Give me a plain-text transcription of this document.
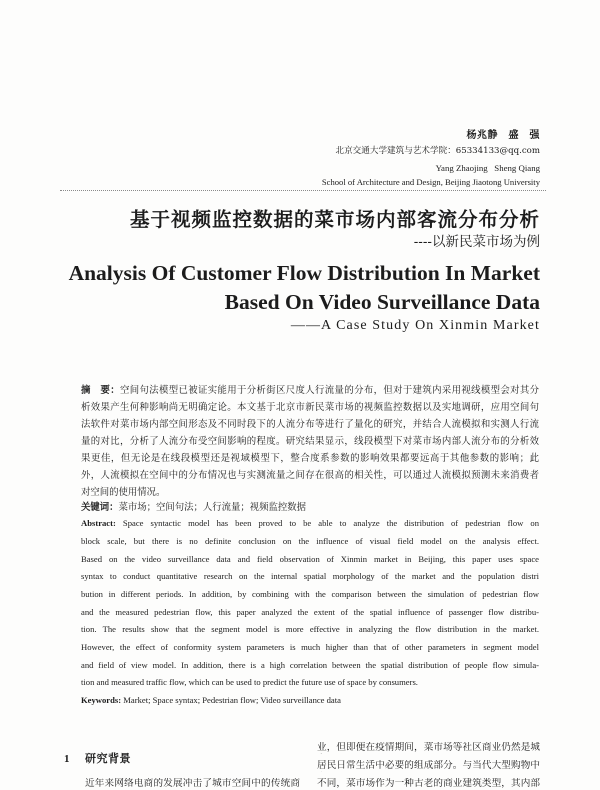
杨兆静　盛　强
北京交通大学建筑与艺术学院：65334133@qq.com
Yang Zhaojing   Sheng Qiang
School of Architecture and Design, Beijing Jiaotong University
基于视频监控数据的菜市场内部客流分布分析
----以新民菜市场为例
Analysis Of Customer Flow Distribution In Market
Based On Video Surveillance Data
——A Case Study On Xinmin Market
摘　要：空间句法模型已被证实能用于分析街区尺度人行流量的分布，但对于建筑内采用视线模型会对其分
析效果产生何种影响尚无明确定论。本文基于北京市新民菜市场的视频监控数据以及实地调研，应用空间句
法软件对菜市场内部空间形态及不同时段下的人流分布等进行了量化的研究，并结合人流模拟和实测人行流
量的对比，分析了人流分布受空间影响的程度。研究结果显示，线段模型下对菜市场内部人流分布的分析效
果更佳，但无论是在线段模型还是视域模型下，整合度系参数的影响效果都要远高于其他参数的影响；此
外，人流模拟在空间中的分布情况也与实测流量之间存在很高的相关性，可以通过人流模拟预测未来消费者
对空间的使用情况。
关键词：菜市场；空间句法；人行流量；视频监控数据
Abstract: Space syntactic model has been proved to be able to analyze the distribution of pedestrian flow on
block scale, but there is no definite conclusion on the influence of visual field model on the analysis effect.
Based on the video surveillance data and field observation of Xinmin market in Beijing, this paper uses space
syntax to conduct quantitative research on the internal spatial morphology of the market and the population distri
bution in different periods. In addition, by combining with the comparison between the simulation of pedestrian flow
and the measured pedestrian flow, this paper analyzed the extent of the spatial influence of passenger flow distribu-
tion. The results show that the segment model is more effective in analyzing the flow distribution in the market.
However, the effect of conformity system parameters is much higher than that of other parameters in segment model
and field of view model. In addition, there is a high correlation between the spatial distribution of people flow simula-
tion and measured traffic flow, which can be used to predict the future use of space by consumers.
Keywords: Market; Space syntax; Pedestrian flow; Video surveillance data
1 研究背景
近年来网络电商的发展冲击了城市空间中的传统商
业，但即便在疫情期间，菜市场等社区商业仍然是城
居民日常生活中必要的组成部分。与当代大型购物中
不同，菜市场作为一种古老的商业建筑类型，其内部
